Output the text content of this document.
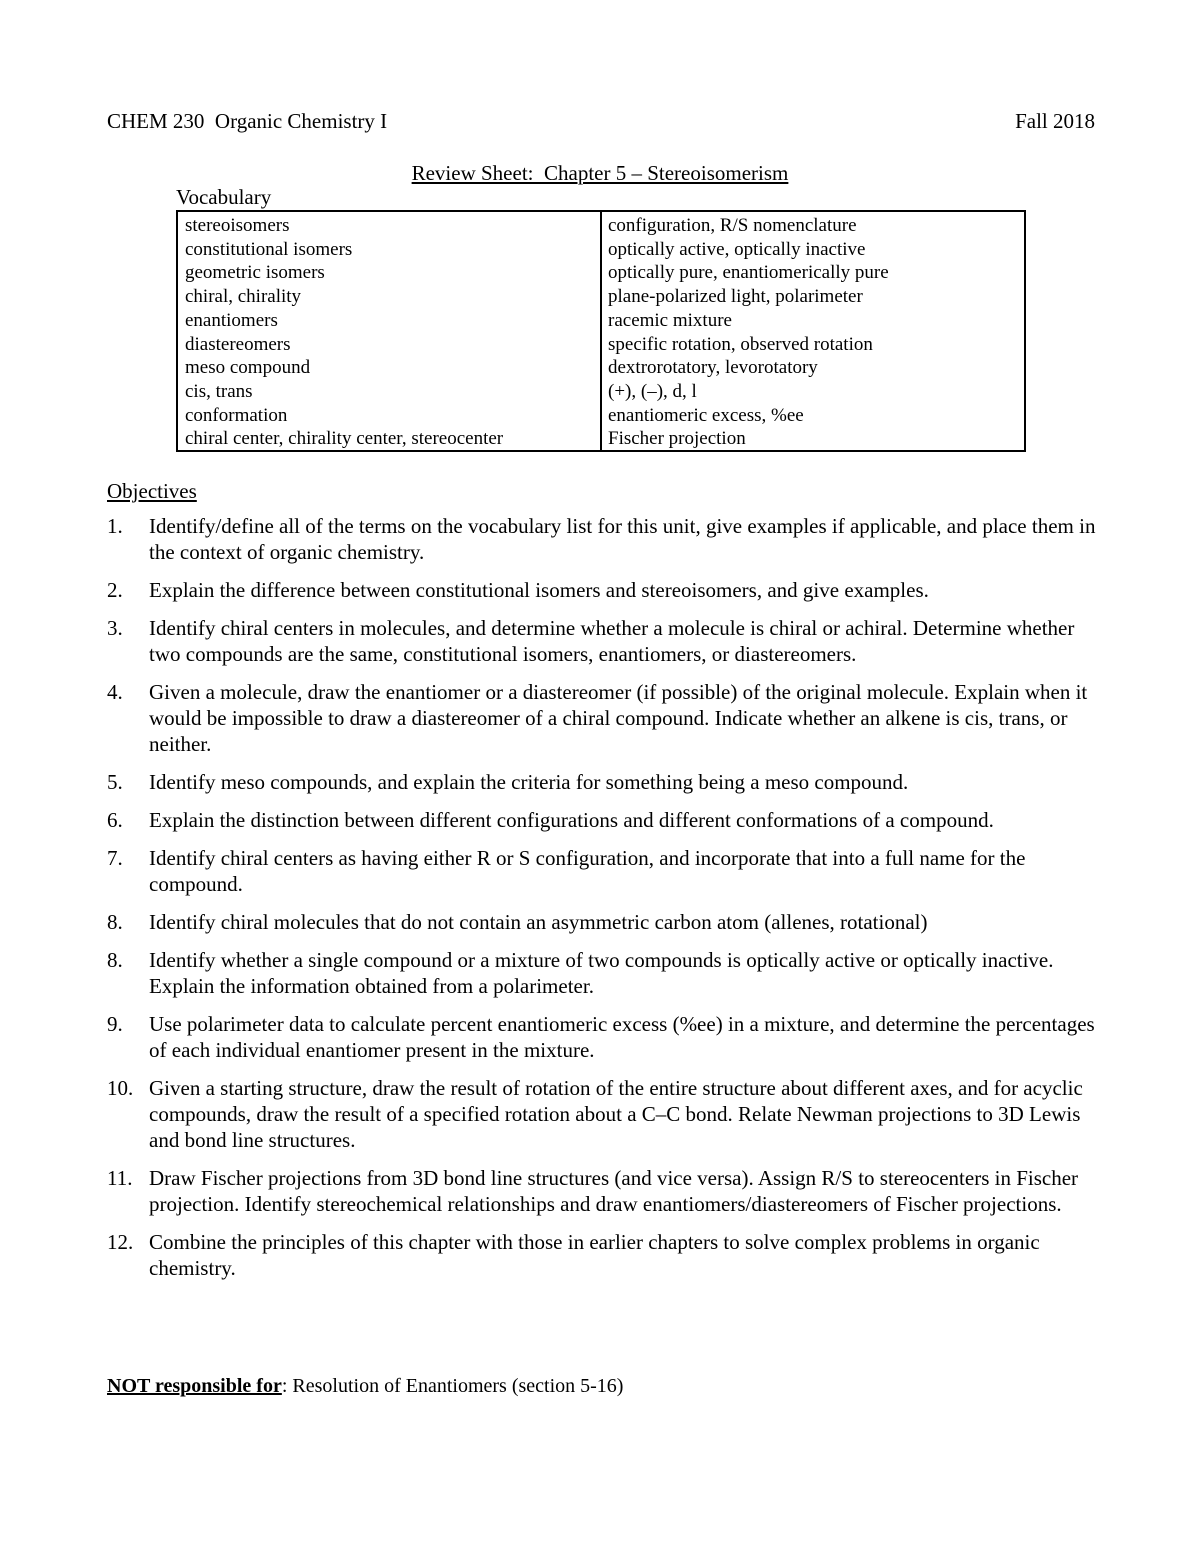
CHEM 230  Organic Chemistry I	Fall 2018
Review Sheet:  Chapter 5 – Stereoisomerism
Vocabulary
stereoisomers
constitutional isomers
geometric isomers
chiral, chirality
enantiomers
diastereomers
meso compound
cis, trans
conformation
chiral center, chirality center, stereocenter
configuration, R/S nomenclature
optically active, optically inactive
optically pure, enantiomerically pure
plane-polarized light, polarimeter
racemic mixture
specific rotation, observed rotation
dextrorotatory, levorotatory
(+), (–), d, l
enantiomeric excess, %ee
Fischer projection
Objectives
1. Identify/define all of the terms on the vocabulary list for this unit, give examples if applicable, and place them in the context of organic chemistry.
2. Explain the difference between constitutional isomers and stereoisomers, and give examples.
3. Identify chiral centers in molecules, and determine whether a molecule is chiral or achiral. Determine whether two compounds are the same, constitutional isomers, enantiomers, or diastereomers.
4. Given a molecule, draw the enantiomer or a diastereomer (if possible) of the original molecule. Explain when it would be impossible to draw a diastereomer of a chiral compound. Indicate whether an alkene is cis, trans, or neither.
5. Identify meso compounds, and explain the criteria for something being a meso compound.
6. Explain the distinction between different configurations and different conformations of a compound.
7. Identify chiral centers as having either R or S configuration, and incorporate that into a full name for the compound.
8. Identify chiral molecules that do not contain an asymmetric carbon atom (allenes, rotational)
8. Identify whether a single compound or a mixture of two compounds is optically active or optically inactive. Explain the information obtained from a polarimeter.
9. Use polarimeter data to calculate percent enantiomeric excess (%ee) in a mixture, and determine the percentages of each individual enantiomer present in the mixture.
10. Given a starting structure, draw the result of rotation of the entire structure about different axes, and for acyclic compounds, draw the result of a specified rotation about a C–C bond. Relate Newman projections to 3D Lewis and bond line structures.
11. Draw Fischer projections from 3D bond line structures (and vice versa). Assign R/S to stereocenters in Fischer projection. Identify stereochemical relationships and draw enantiomers/diastereomers of Fischer projections.
12. Combine the principles of this chapter with those in earlier chapters to solve complex problems in organic chemistry.
NOT responsible for: Resolution of Enantiomers (section 5-16)
